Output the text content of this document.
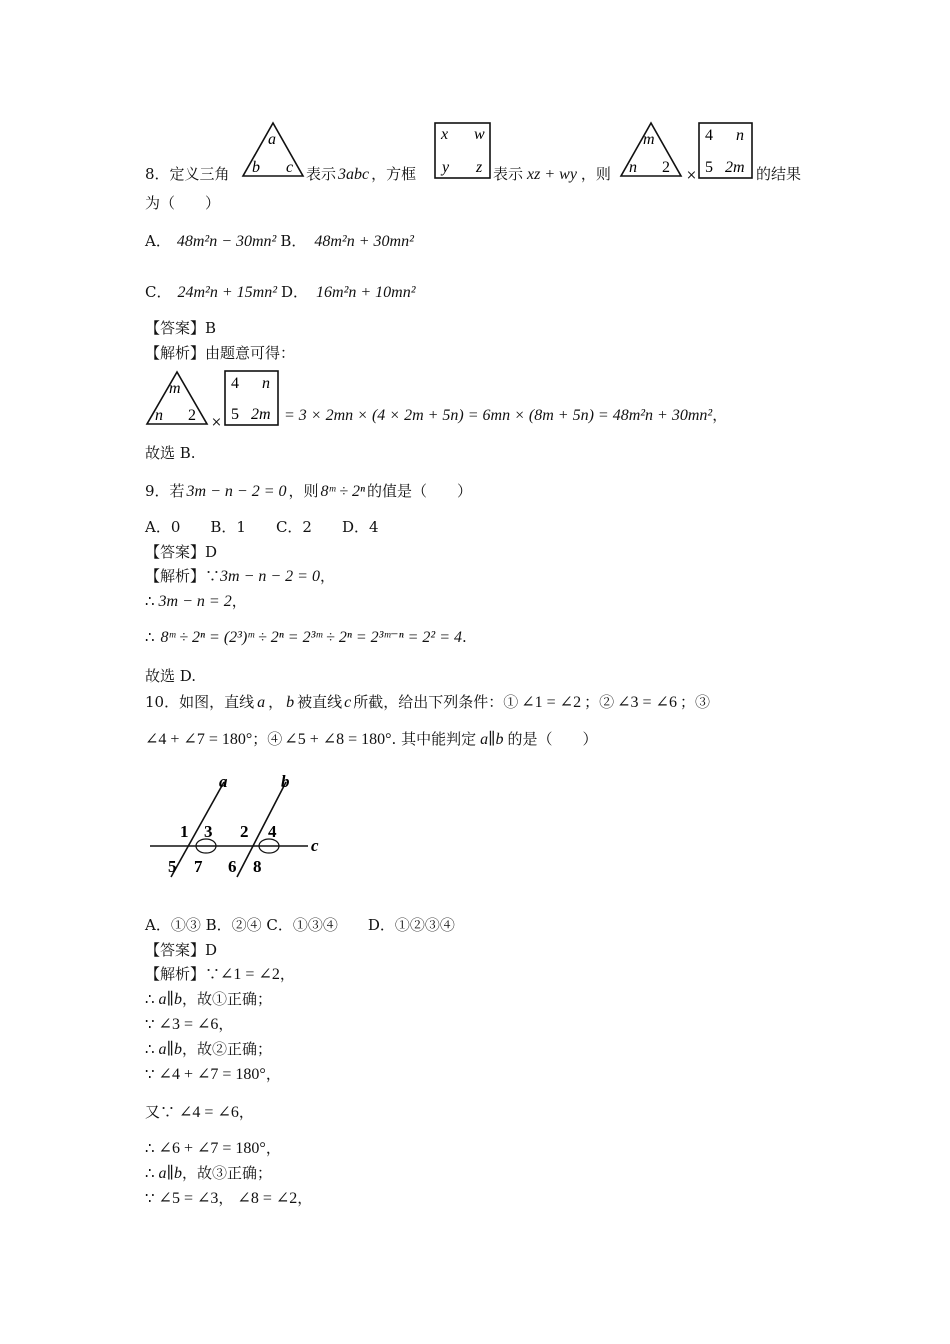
8．定义三角
a
b c 表示 3abc ，方框
x w
y z 表示 xz + wy ，则
m
n 2 ×
4 n
5 2m 的结果
为（　　）
A． 48m²n − 30mn² B． 48m²n + 30mn²
C． 24m²n + 15mn² D． 16m²n + 10mn²
【答案】B
【解析】由题意可得：
m
n 2 ×
4 n
5 2m = 3 × 2mn × (4 × 2m + 5n) = 6mn × (8m + 5n) = 48m²n + 30mn²，
故选 B.
9．若 3m − n − 2 = 0 ，则 8ᵐ ÷ 2ⁿ 的值是（　　）
A．0　　B．1　　C．2　　D．4
【答案】D
【解析】∵3m − n − 2 = 0，
∴ 3m − n = 2，
∴ 8ᵐ ÷ 2ⁿ = (2³)ᵐ ÷ 2ⁿ = 2³ᵐ ÷ 2ⁿ = 2³ᵐ⁻ⁿ = 2² = 4.
故选 D.
10．如图，直线 a ， b 被直线 c 所截，给出下列条件：① ∠1 = ∠2 ；② ∠3 = ∠6 ；③
∠4 + ∠7 = 180°；④ ∠5 + ∠8 = 180°. 其中能判定 a∥b 的是（　　）
a	b
c
1 3 2 4
5 7 6 8
A．①③ B．②④ C．①③④　　D．①②③④
【答案】D
【解析】∵∠1 = ∠2，
∴ a∥b，故①正确；
∵ ∠3 = ∠6，
∴ a∥b，故②正确；
∵ ∠4 + ∠7 = 180°，
又∵ ∠4 = ∠6，
∴ ∠6 + ∠7 = 180°，
∴ a∥b，故③正确；
∵ ∠5 = ∠3， ∠8 = ∠2，
